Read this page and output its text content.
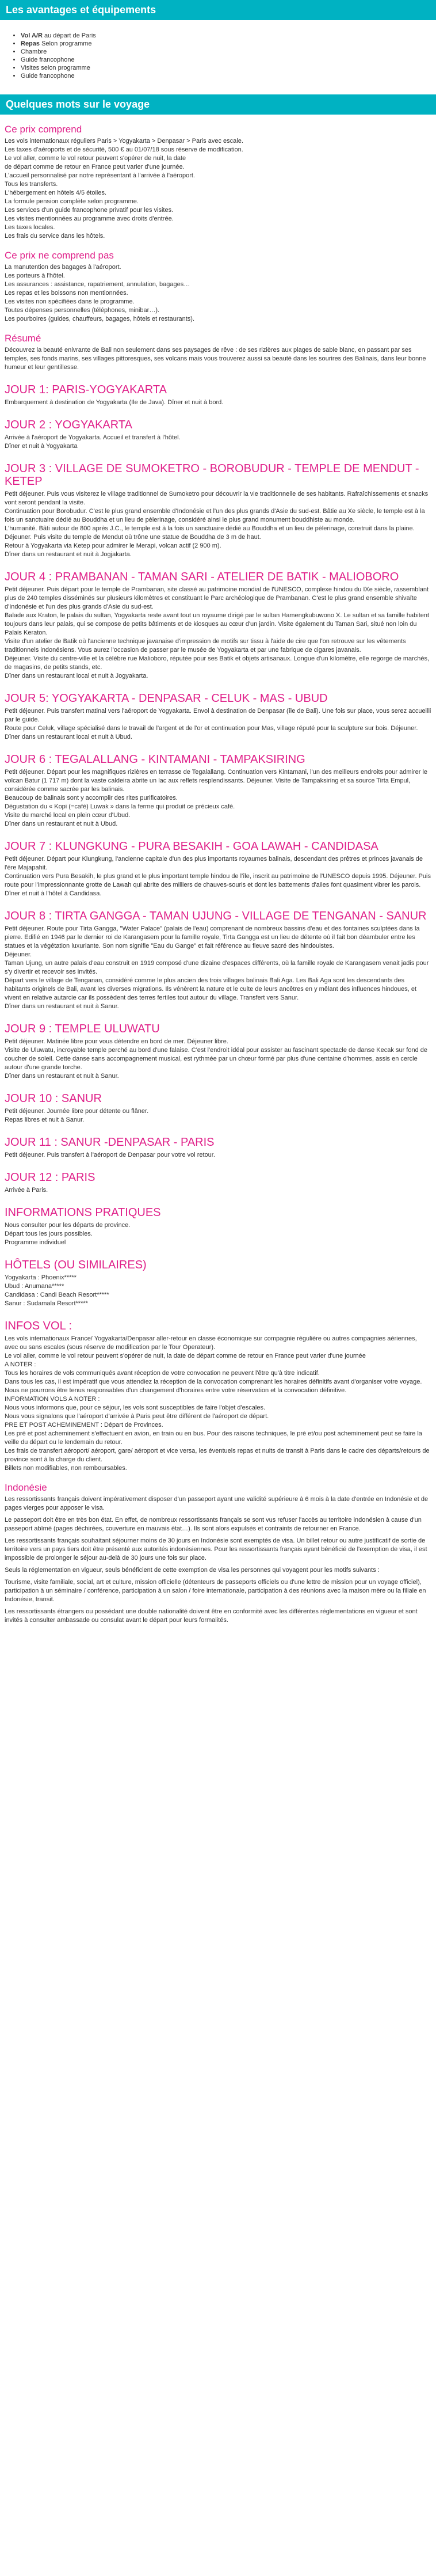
Les avantages et équipements
• Vol A/R au départ de Paris
• Repas Selon programme
• Chambre
• Guide francophone
• Visites selon programme
• Guide francophone
Quelques mots sur le voyage
Ce prix comprend
Les vols internationaux réguliers Paris > Yogyakarta > Denpasar > Paris avec escale.
Les taxes d'aéroports et de sécurité, 500 € au 01/07/18 sous réserve de modification.
Le vol aller, comme le vol retour peuvent s'opérer de nuit, la date
de départ comme de retour en France peut varier d'une journée.
L'accueil personnalisé par notre représentant à l'arrivée à l'aéroport.
Tous les transferts.
L'hébergement en hôtels 4/5 étoiles.
La formule pension complète selon programme.
Les services d'un guide francophone privatif pour les visites.
Les visites mentionnées au programme avec droits d'entrée.
Les taxes locales.
Les frais du service dans les hôtels.
Ce prix ne comprend pas
La manutention des bagages à l'aéroport.
Les porteurs à l'hôtel.
Les assurances : assistance, rapatriement, annulation, bagages…
Les repas et les boissons non mentionnées.
Les visites non spécifiées dans le programme.
Toutes dépenses personnelles (téléphones, minibar…).
Les pourboires (guides, chauffeurs, bagages, hôtels et restaurants).
Résumé

Découvrez la beauté enivrante de Bali non seulement dans ses paysages de rêve : de ses rizières aux plages de sable blanc, en passant par ses temples, ses fonds marins, ses villages pittoresques, ses volcans mais vous trouverez aussi sa beauté dans les sourires des Balinais, dans leur bonne humeur et leur gentillesse.

JOUR 1: PARIS-YOGYAKARTA
Embarquement à destination de Yogyakarta (Ile de Java). Dîner et nuit à bord.
JOUR 2 : YOGYAKARTA
Arrivée à l'aéroport de Yogyakarta. Accueil et transfert à l'hôtel.
Dîner et nuit à Yogyakarta
JOUR 3 : VILLAGE DE SUMOKETRO - BOROBUDUR - TEMPLE DE MENDUT - KETEP
Petit déjeuner. Puis vous visiterez le village traditionnel de Sumoketro pour découvrir la vie traditionnelle de ses habitants. Rafraîchissements et snacks vont seront pendant la visite.
Continuation pour Borobudur. C'est le plus grand ensemble d'Indonésie et l'un des plus grands d'Asie du sud-est. Bâtie au Xe siècle, le temple est à la fois un sanctuaire dédié au Bouddha et un lieu de pèlerinage, considéré ainsi le plus grand monument bouddhiste au monde.
L'humanité. Bâti autour de 800 après J.C., le temple est à la fois un sanctuaire dédié au Bouddha et un lieu de pèlerinage, construit dans la plaine.
Déjeuner. Puis visite du temple de Mendut où trône une statue de Bouddha de 3 m de haut.
Retour à Yogyakarta via Ketep pour admirer le Merapi, volcan actif (2 900 m).
Dîner dans un restaurant et nuit à Jogjakarta.
JOUR 4 : PRAMBANAN - TAMAN SARI - ATELIER DE BATIK - MALIOBORO
Petit déjeuner. Puis départ pour le temple de Prambanan, site classé au patrimoine mondial de l'UNESCO, complexe hindou du IXe siècle, rassemblant plus de 240 temples disséminés sur plusieurs kilomètres et constituant le Parc archéologique de Prambanan. C'est le plus grand ensemble shivaïte d'Indonésie et l'un des plus grands d'Asie du sud-est.
Balade aux Kraton, le palais du sultan, Yogyakarta reste avant tout un royaume dirigé par le sultan Hamengkubuwono X. Le sultan et sa famille habitent toujours dans leur palais, qui se compose de petits bâtiments et de kiosques au cœur d'un jardin. Visite également du Taman Sari, situé non loin du Palais Keraton.
Visite d'un atelier de Batik où l'ancienne technique javanaise d'impression de motifs sur tissu à l'aide de cire que l'on retrouve sur les vêtements traditionnels indonésiens. Vous aurez l'occasion de passer par le musée de Yogyakarta et par une fabrique de cigares javanais.
Déjeuner. Visite du centre-ville et la célèbre rue Malioboro, réputée pour ses Batik et objets artisanaux. Longue d'un kilomètre, elle regorge de marchés, de magasins, de petits stands, etc.
Dîner dans un restaurant local et nuit à Jogyakarta.
JOUR 5: YOGYAKARTA - DENPASAR - CELUK - MAS - UBUD
Petit déjeuner. Puis transfert matinal vers l'aéroport de Yogyakarta. Envol à destination de Denpasar (île de Bali). Une fois sur place, vous serez accueilli par le guide.
Route pour Celuk, village spécialisé dans le travail de l'argent et de l'or et continuation pour Mas, village réputé pour la sculpture sur bois. Déjeuner.
Dîner dans un restaurant local et nuit à Ubud.
JOUR 6 : TEGALALLANG - KINTAMANI - TAMPAKSIRING
Petit déjeuner. Départ pour les magnifiques rizières en terrasse de Tegalallang. Continuation vers Kintamani, l'un des meilleurs endroits pour admirer le volcan Batur (1 717 m) dont la vaste caldeira abrite un lac aux reflets resplendissants. Déjeuner. Visite de Tampaksiring et sa source Tirta Empul, considérée comme sacrée par les balinais.
Beaucoup de balinais sont y accomplir des rites purificatoires.
Dégustation du « Kopi (=café) Luwak » dans la ferme qui produit ce précieux café.
Visite du marché local en plein cœur d'Ubud.
Dîner dans un restaurant et nuit à Ubud.
JOUR 7 : KLUNGKUNG - PURA BESAKIH - GOA LAWAH - CANDIDASA
Petit déjeuner. Départ pour Klungkung, l'ancienne capitale d'un des plus importants royaumes balinais, descendant des prêtres et princes javanais de l'ère Majapahit.
Continuation vers Pura Besakih, le plus grand et le plus important temple hindou de l'île, inscrit au patrimoine de l'UNESCO depuis 1995. Déjeuner. Puis route pour l'impressionnante grotte de Lawah qui abrite des milliers de chauves-souris et dont les battements d'ailes font quasiment vibrer les parois.
Dîner et nuit à l'hôtel à Candidasa.
JOUR 8 : TIRTA GANGGA - TAMAN UJUNG - VILLAGE DE TENGANAN - SANUR
Petit déjeuner. Route pour Tirta Gangga, "Water Palace" (palais de l'eau) comprenant de nombreux bassins d'eau et des fontaines sculptées dans la pierre. Edifié en 1946 par le dernier roi de Karangasem pour la famille royale, Tirta Gangga est un lieu de détente où il fait bon déambuler entre les statues et la végétation luxuriante. Son nom signifie "Eau du Gange" et fait référence au fleuve sacré des hindouistes.
Déjeuner.
Taman Ujung, un autre palais d'eau construit en 1919 composé d'une dizaine d'espaces différents, où la famille royale de Karangasem venait jadis pour s'y divertir et recevoir ses invités.
Départ vers le village de Tenganan, considéré comme le plus ancien des trois villages balinais Bali Aga. Les Bali Aga sont les descendants des habitants originels de Bali, avant les diverses migrations. Ils vénèrent la nature et le culte de leurs ancêtres en y mêlant des influences hindoues, et vivent en relative autarcie car ils possèdent des terres fertiles tout autour du village. Transfert vers Sanur.
Dîner dans un restaurant et nuit à Sanur.
JOUR 9 : TEMPLE ULUWATU
Petit déjeuner. Matinée libre pour vous détendre en bord de mer. Déjeuner libre.
Visite de Uluwatu, incroyable temple perché au bord d'une falaise. C'est l'endroit idéal pour assister au fascinant spectacle de danse Kecak sur fond de coucher de soleil. Cette danse sans accompagnement musical, est rythmée par un chœur formé par plus d'une centaine d'hommes, assis en cercle autour d'une grande torche.
Dîner dans un restaurant et nuit à Sanur.
JOUR 10 : SANUR
Petit déjeuner. Journée libre pour détente ou flâner.
Repas libres et nuit à Sanur.
JOUR 11 : SANUR -DENPASAR - PARIS
Petit déjeuner. Puis transfert à l'aéroport de Denpasar pour votre vol retour.
JOUR 12 : PARIS
Arrivée à Paris.
INFORMATIONS PRATIQUES
Nous consulter pour les départs de province.
Départ tous les jours possibles.
Programme individuel
HÔTELS (OU SIMILAIRES)
Yogyakarta : Phoenix*****
Ubud : Anumana*****
Candidasa : Candi Beach Resort*****
Sanur : Sudamala Resort*****
INFOS VOL :
Les vols internationaux France/ Yogyakarta/Denpasar aller-retour en classe économique sur compagnie régulière ou autres compagnies aériennes, avec ou sans escales (sous réserve de modification par le Tour Operateur).
Le vol aller, comme le vol retour peuvent s'opérer de nuit, la date de départ comme de retour en France peut varier d'une journée
A NOTER :
Tous les horaires de vols communiqués avant réception de votre convocation ne peuvent l'être qu'à titre indicatif.
Dans tous les cas, il est impératif que vous attendiez la réception de la convocation comprenant les horaires définitifs avant d'organiser votre voyage.
Nous ne pourrons être tenus responsables d'un changement d'horaires entre votre réservation et la convocation définitive.
INFORMATION VOLS A NOTER :
Nous vous informons que, pour ce séjour, les vols sont susceptibles de faire l'objet d'escales.
Nous vous signalons que l'aéroport d'arrivée à Paris peut être différent de l'aéroport de départ.
PRE ET POST ACHEMINEMENT : Départ de Provinces.
Les pré et post acheminement s'effectuent en avion, en train ou en bus. Pour des raisons techniques, le pré et/ou post acheminement peut se faire la veille du départ ou le lendemain du retour.
Les frais de transfert aéroport/ aéroport, gare/ aéroport et vice versa, les éventuels repas et nuits de transit à Paris dans le cadre des départs/retours de province sont à la charge du client.
Billets non modifiables, non remboursables.
Indonésie

Les ressortissants français doivent impérativement disposer d'un passeport ayant une validité supérieure à 6 mois à la date d'entrée en Indonésie et de pages vierges pour apposer le visa.

Le passeport doit être en très bon état. En effet, de nombreux ressortissants français se sont vus refuser l'accès au territoire indonésien à cause d'un passeport abîmé (pages déchirées, couverture en mauvais état…). Ils sont alors expulsés et contraints de retourner en France.

Les ressortissants français souhaitant séjourner moins de 30 jours en Indonésie sont exemptés de visa. Un billet retour ou autre justificatif de sortie de territoire vers un pays tiers doit être présenté aux autorités indonésiennes. Pour les ressortissants français ayant bénéficié de l'exemption de visa, il est impossible de prolonger le séjour au-delà de 30 jours une fois sur place.

Seuls la réglementation en vigueur, seuls bénéficient de cette exemption de visa les personnes qui voyagent pour les motifs suivants :

Tourisme, visite familiale, social, art et culture, mission officielle (détenteurs de passeports officiels ou d'une lettre de mission pour un voyage officiel), participation à un séminaire / conférence, participation à un salon / foire internationale, participation à des réunions avec la maison mère ou la filiale en Indonésie, transit.

Les ressortissants étrangers ou possédant une double nationalité doivent être en conformité avec les différentes réglementations en vigueur et sont invités à consulter ambassade ou consulat avant le départ pour leurs formalités.
